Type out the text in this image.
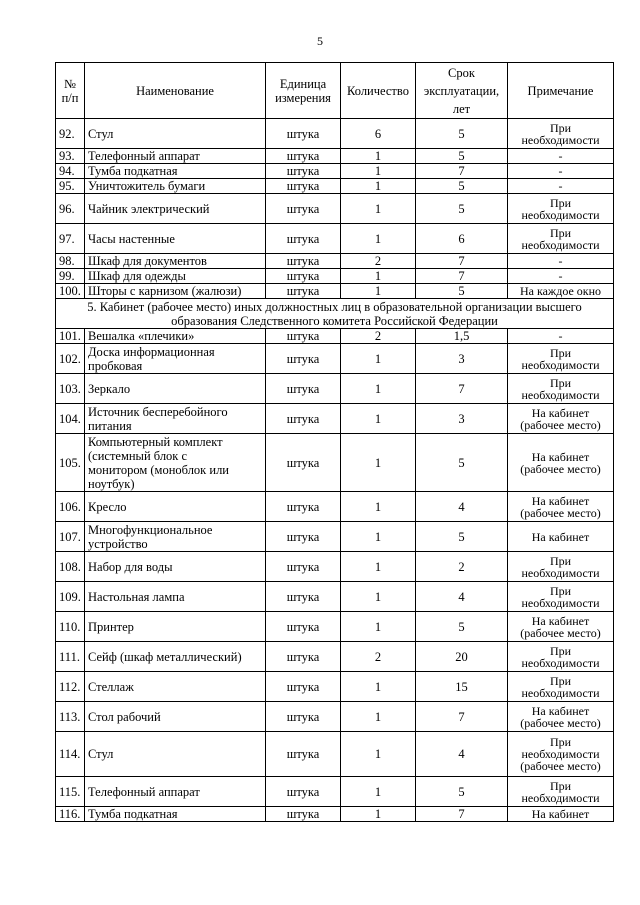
5
№
п/п	Наименование	Единица
измерения	Количество	Срок
эксплуатации,
лет	Примечание
92.	Стул	штука	6	5	При
необходимости
93.	Телефонный аппарат	штука	1	5	-
94.	Тумба подкатная	штука	1	7	-
95.	Уничтожитель бумаги	штука	1	5	-
96.	Чайник электрический	штука	1	5	При
необходимости
97.	Часы настенные	штука	1	6	При
необходимости
98.	Шкаф для документов	штука	2	7	-
99.	Шкаф для одежды	штука	1	7	-
100.	Шторы с карнизом (жалюзи)	штука	1	5	На каждое окно
5. Кабинет (рабочее место) иных должностных лиц в образовательной организации высшего образования Следственного комитета Российской Федерации					
101.	Вешалка «плечики»	штука	2	1,5	-
102.	Доска информационная
пробковая	штука	1	3	При
необходимости
103.	Зеркало	штука	1	7	При
необходимости
104.	Источник бесперебойного
питания	штука	1	3	На кабинет
(рабочее место)
105.	Компьютерный комплект
(системный блок с
монитором (моноблок или
ноутбук)	штука	1	5	На кабинет
(рабочее место)
106.	Кресло	штука	1	4	На кабинет
(рабочее место)
107.	Многофункциональное
устройство	штука	1	5	На кабинет
108.	Набор для воды	штука	1	2	При
необходимости
109.	Настольная лампа	штука	1	4	При
необходимости
110.	Принтер	штука	1	5	На кабинет
(рабочее место)
111.	Сейф (шкаф металлический)	штука	2	20	При
необходимости
112.	Стеллаж	штука	1	15	При
необходимости
113.	Стол рабочий	штука	1	7	На кабинет
(рабочее место)
114.	Стул	штука	1	4	При
необходимости
(рабочее место)
115.	Телефонный аппарат	штука	1	5	При
необходимости
116.	Тумба подкатная	штука	1	7	На кабинет
